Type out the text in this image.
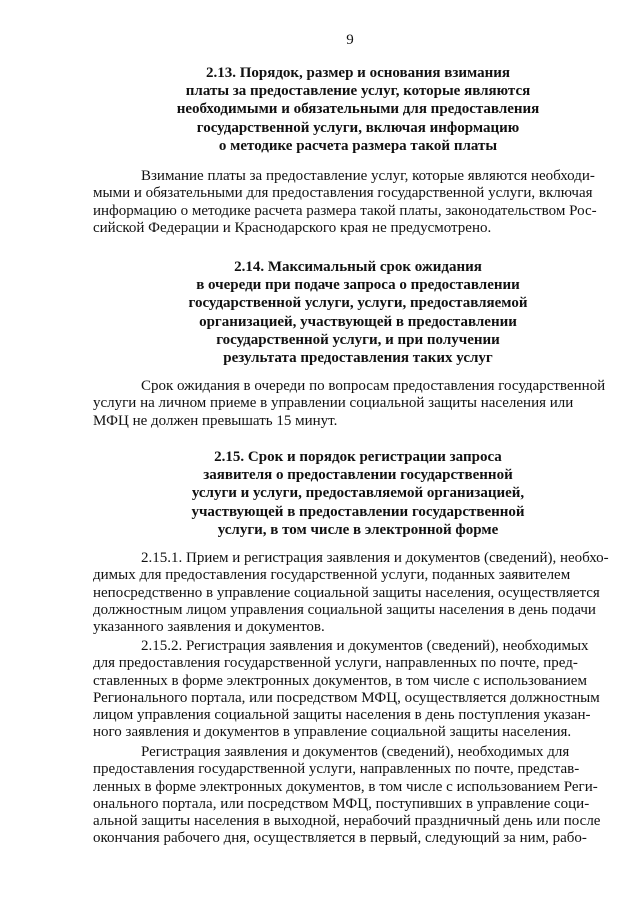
9
2.13. Порядок, размер и основания взимания
платы за предоставление услуг, которые являются
необходимыми и обязательными для предоставления
государственной услуги, включая информацию
о методике расчета размера такой платы
Взимание платы за предоставление услуг, которые являются необходи-
мыми и обязательными для предоставления государственной услуги, включая
информацию о методике расчета размера такой платы, законодательством Рос-
сийской Федерации и Краснодарского края не предусмотрено.
2.14. Максимальный срок ожидания
в очереди при подаче запроса о предоставлении
государственной услуги, услуги, предоставляемой
организацией, участвующей в предоставлении
государственной услуги, и при получении
результата предоставления таких услуг
Срок ожидания в очереди по вопросам предоставления государственной
услуги на личном приеме в управлении социальной защиты населения или
МФЦ не должен превышать 15 минут.
2.15. Срок и порядок регистрации запроса
заявителя о предоставлении государственной
услуги и услуги, предоставляемой организацией,
участвующей в предоставлении государственной
услуги, в том числе в электронной форме
2.15.1. Прием и регистрация заявления и документов (сведений), необхо-
димых для предоставления государственной услуги, поданных заявителем
непосредственно в управление социальной защиты населения, осуществляется
должностным лицом управления социальной защиты населения в день подачи
указанного заявления и документов.
2.15.2. Регистрация заявления и документов (сведений), необходимых
для предоставления государственной услуги, направленных по почте, пред-
ставленных в форме электронных документов, в том числе с использованием
Регионального портала, или посредством МФЦ, осуществляется должностным
лицом управления социальной защиты населения в день поступления указан-
ного заявления и документов в управление социальной защиты населения.
Регистрация заявления и документов (сведений), необходимых для
предоставления государственной услуги, направленных по почте, представ-
ленных в форме электронных документов, в том числе с использованием Реги-
онального портала, или посредством МФЦ, поступивших в управление соци-
альной защиты населения в выходной, нерабочий праздничный день или после
окончания рабочего дня, осуществляется в первый, следующий за ним, рабо-
